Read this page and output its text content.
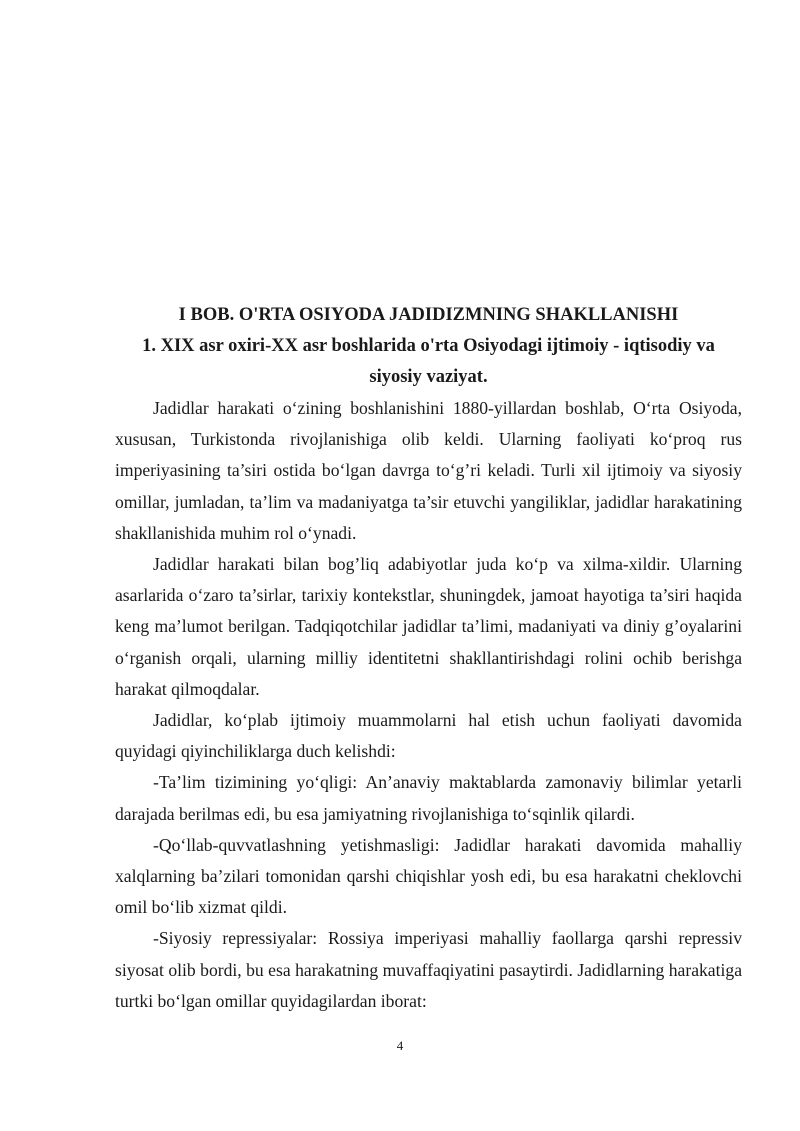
I BOB. O'RTA OSIYODA JADIDIZMNING SHAKLLANISHI
1. XIX asr oxiri-XX asr boshlarida o'rta Osiyodagi ijtimoiy - iqtisodiy va siyosiy vaziyat.

Jadidlar harakati o‘zining boshlanishini 1880-yillardan boshlab, O‘rta Osiyoda, xususan, Turkistonda rivojlanishiga olib keldi. Ularning faoliyati ko‘proq rus imperiyasining ta’siri ostida bo‘lgan davrga to‘g’ri keladi. Turli xil ijtimoiy va siyosiy omillar, jumladan, ta’lim va madaniyatga ta’sir etuvchi yangiliklar, jadidlar harakatining shakllanishida muhim rol o‘ynadi.

Jadidlar harakati bilan bog’liq adabiyotlar juda ko‘p va xilma-xildir. Ularning asarlarida o‘zaro ta’sirlar, tarixiy kontekstlar, shuningdek, jamoat hayotiga ta’siri haqida keng ma’lumot berilgan. Tadqiqotchilar jadidlar ta’limi, madaniyati va diniy g’oyalarini o‘rganish orqali, ularning milliy identitetni shakllantirishdagi rolini ochib berishga harakat qilmoqdalar.

Jadidlar, ko‘plab ijtimoiy muammolarni hal etish uchun faoliyati davomida quyidagi qiyinchiliklarga duch kelishdi:

-Ta’lim tizimining yo‘qligi: An’anaviy maktablarda zamonaviy bilimlar yetarli darajada berilmas edi, bu esa jamiyatning rivojlanishiga to‘sqinlik qilardi.

-Qo‘llab-quvvatlashning yetishmasligi: Jadidlar harakati davomida mahalliy xalqlarning ba’zilari tomonidan qarshi chiqishlar yosh edi, bu esa harakatni cheklovchi omil bo‘lib xizmat qildi.

-Siyosiy repressiyalar: Rossiya imperiyasi mahalliy faollarga qarshi repressiv siyosat olib bordi, bu esa harakatning muvaffaqiyatini pasaytirdi. Jadidlarning harakatiga turtki bo‘lgan omillar quyidagilardan iborat:

4
